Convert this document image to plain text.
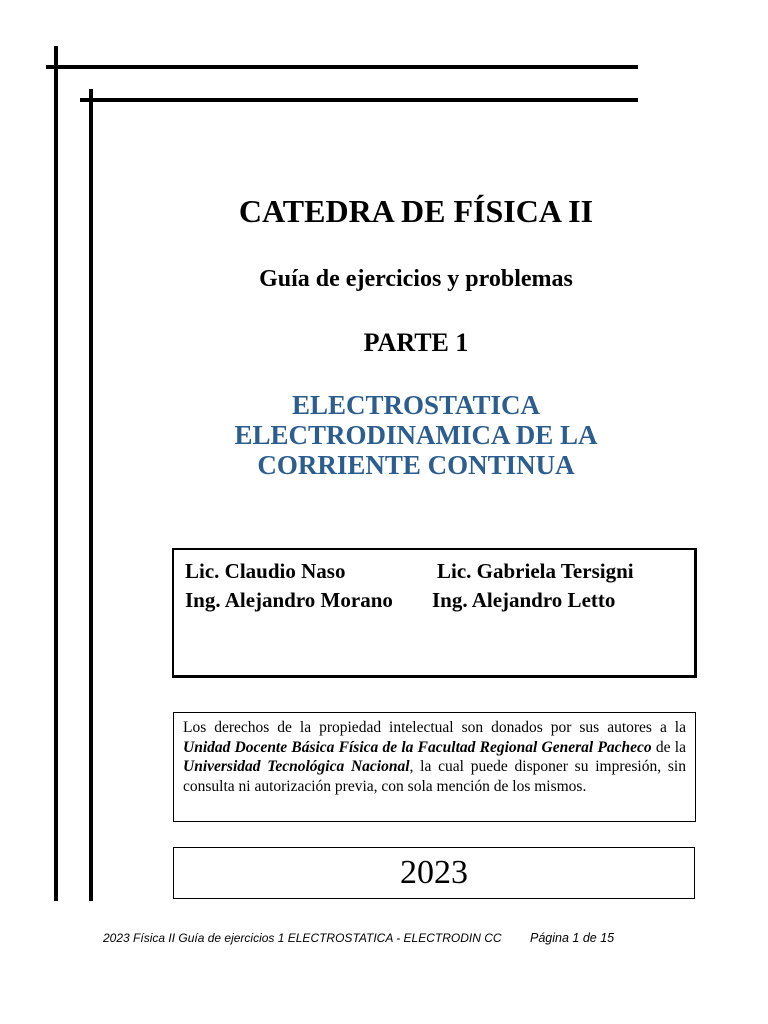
CATEDRA DE FÍSICA II
Guía de ejercicios y problemas
PARTE 1
ELECTROSTATICA
ELECTRODINAMICA DE LA
CORRIENTE CONTINUA
Lic. Claudio Naso	Lic. Gabriela Tersigni
Ing. Alejandro Morano Ing. Alejandro Letto
Los derechos de la propiedad intelectual son donados por sus autores a la Unidad Docente Básica Física de la Facultad Regional General Pacheco de la Universidad Tecnológica Nacional, la cual puede disponer su impresión, sin consulta ni autorización previa, con sola mención de los mismos.
2023
2023 Física II Guía de ejercicios 1 ELECTROSTATICA - ELECTRODIN CC Página 1 de 15
